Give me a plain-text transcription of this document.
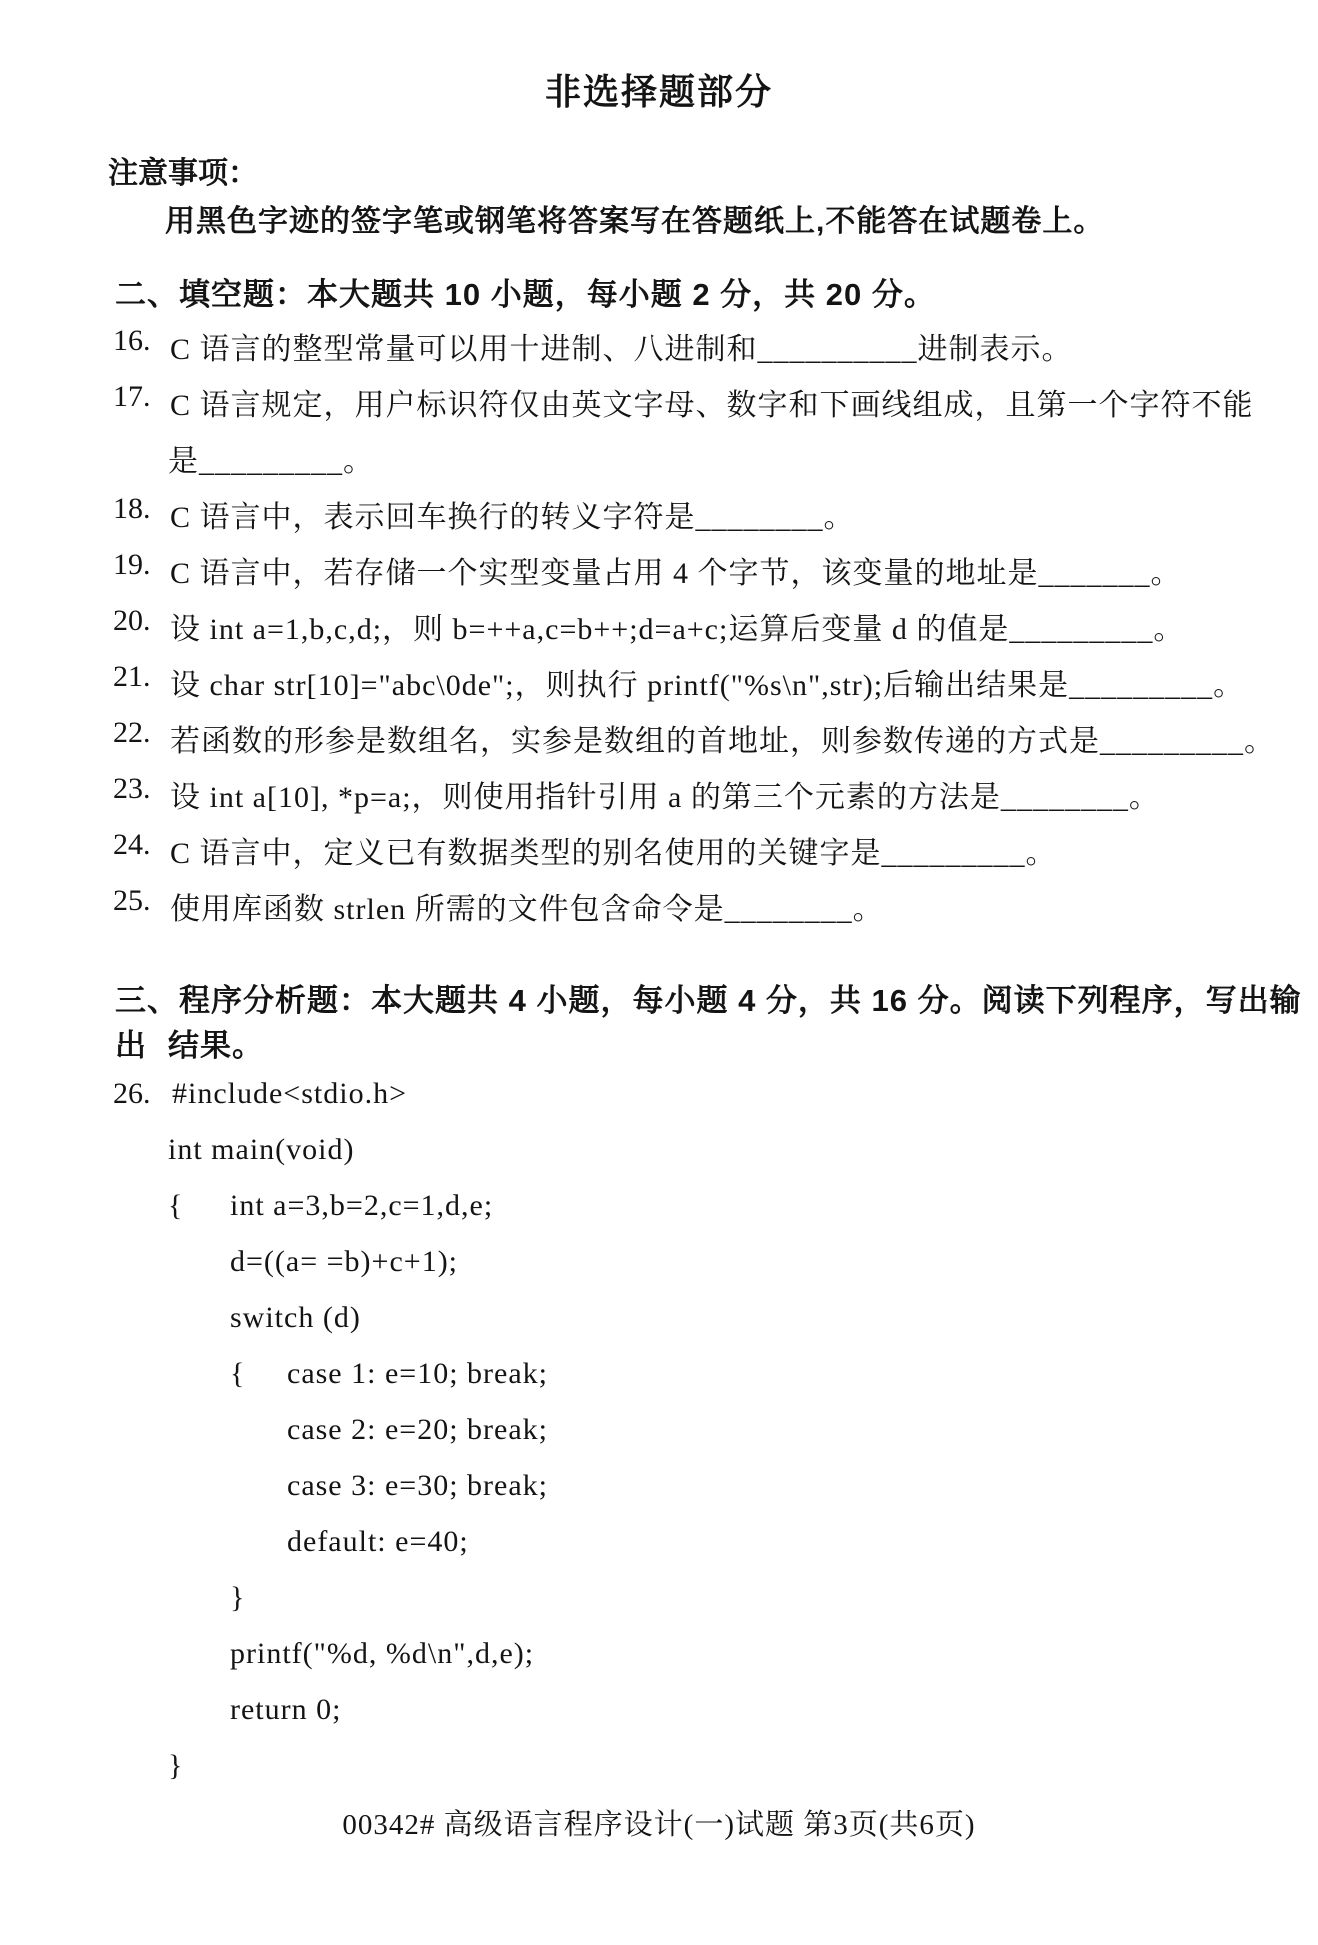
非选择题部分
注意事项：
用黑色字迹的签字笔或钢笔将答案写在答题纸上,不能答在试题卷上。
二、填空题：本大题共 10 小题，每小题 2 分，共 20 分。
16. C 语言的整型常量可以用十进制、八进制和__________进制表示。
17. C 语言规定，用户标识符仅由英文字母、数字和下画线组成，且第一个字符不能
是_________。
18. C 语言中，表示回车换行的转义字符是________。
19. C 语言中，若存储一个实型变量占用 4 个字节，该变量的地址是_______。
20. 设 int a=1,b,c,d;，则 b=++a,c=b++;d=a+c;运算后变量 d 的值是_________。
21. 设 char str[10]="abc\0de";，则执行 printf("%s\n",str);后输出结果是_________。
22. 若函数的形参是数组名，实参是数组的首地址，则参数传递的方式是_________。
23. 设 int a[10], *p=a;，则使用指针引用 a 的第三个元素的方法是________。
24. C 语言中，定义已有数据类型的别名使用的关键字是_________。
25. 使用库函数 strlen 所需的文件包含命令是________。
三、程序分析题：本大题共 4 小题，每小题 4 分，共 16 分。阅读下列程序，写出输出 结果。
26. #include<stdio.h>
int main(void)
{ int a=3,b=2,c=1,d,e;
d=((a= =b)+c+1);
switch (d)
{ case 1: e=10; break;
case 2: e=20; break;
case 3: e=30; break;
default: e=40;
}
printf("%d, %d\n",d,e);
return 0;
}
00342# 高级语言程序设计(一)试题 第3页(共6页)
